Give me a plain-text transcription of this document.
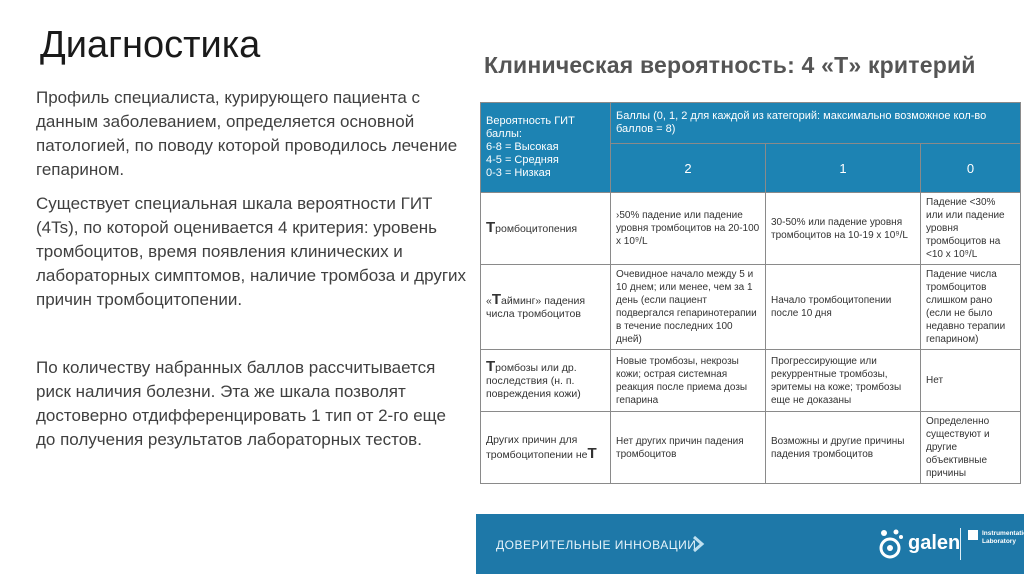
Диагностика

Профиль специалиста, курирующего пациента с данным заболеванием, определяется основной патологией, по поводу которой проводилось лечение гепарином.

Существует специальная шкала вероятности ГИТ (4Ts), по которой оценивается 4 критерия: уровень тромбоцитов, время появления клинических и лабораторных симптомов, наличие тромбоза и других причин тромбоцитопении.

По количеству набранных баллов рассчитывается риск наличия болезни. Эта же шкала позволят достоверно отдифференцировать 1 тип от 2-го еще до получения результатов лабораторных тестов.

Клиническая вероятность: 4 «Т» критерий
Вероятность ГИТ
баллы:
6-8 = Высокая
4-5 = Средняя
0-3 = Низкая	Баллы (0, 1, 2 для каждой из категорий: максимально возможное кол-во баллов = 8)		
	2	1	0
Тромбоцитопения	›50% падение или падение уровня тромбоцитов на 20-100 х 10⁹/L	30-50% или падение уровня тромбоцитов на 10-19 х 10⁹/L	Падение <30% или или падение уровня тромбоцитов на <10 х 10⁹/L
«Тайминг» падения числа тромбоцитов	Очевидное начало между 5 и 10 днем; или менее, чем за 1 день (если пациент подвергался гепаринотерапии в течение последних 100 дней)	Начало тромбоцитопении после 10 дня	Падение числа тромбоцитов слишком рано (если не было недавно терапии гепарином)
Тромбозы или др. последствия (н. п. повреждения кожи)	Новые тромбозы, некрозы кожи; острая системная реакция после приема дозы гепарина	Прогрессирующие или рекуррентные тромбозы, эритемы на коже; тромбозы еще не доказаны	Нет
Других причин для тромбоцитопении неТ	Нет других причин падения тромбоцитов	Возможны и другие причины падения тромбоцитов	Определенно существуют и другие объективные причины
ДОВЕРИТЕЛЬНЫЕ ИННОВАЦИИ	galen	Instrumentation
Laboratory
